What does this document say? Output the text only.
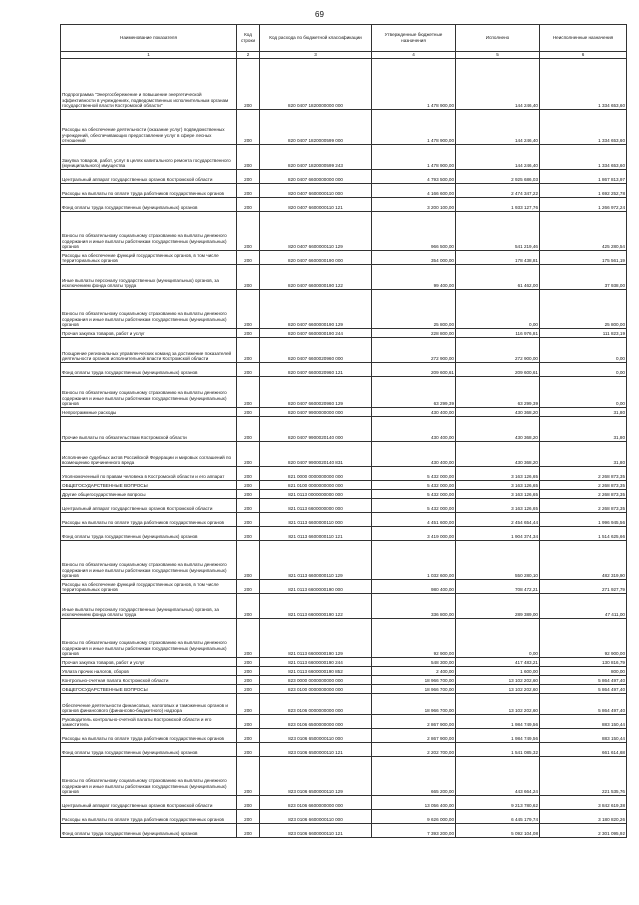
69
Наименование показателя	Код строки	Код расхода по бюджетной классификации	Утвержденные бюджетные назначения	Исполнено	Неисполненные назначения
1	2	3	4	5	6
Подпрограмма "Энергосбережение и повышение энергетической эффективности в учреждениях, подведомственных исполнительным органам государственной власти Костромской области"	200	820 0407 1820000000 000	1 478 900,00	144 246,40	1 334 653,60
Расходы на обеспечение деятельности (оказание услуг) подведомственных учреждений, обеспечивающих предоставление услуг в сфере лесных отношений	200	820 0407 1820000599 000	1 478 900,00	144 246,40	1 334 653,60
Закупка товаров, работ, услуг в целях капитального ремонта государственного (муниципального) имущества	200	820 0407 1820000599 243	1 478 900,00	144 246,40	1 334 653,60
Центральный аппарат государственных органов Костромской области	200	820 0407 6600000000 000	4 793 500,00	2 925 686,03	1 867 813,97
Расходы на выплаты по оплате труда работников государственных органов	200	820 0407 6600000110 000	4 166 600,00	2 474 347,22	1 692 252,78
Фонд оплаты труда государственных (муниципальных) органов	200	820 0407 6600000110 121	3 200 100,00	1 933 127,76	1 266 972,24
Взносы по обязательному социальному страхованию на выплаты денежного содержания и иные выплаты работникам государственных (муниципальных) органов	200	820 0407 6600000110 129	966 500,00	541 219,46	425 280,54
Расходы на обеспечение функций государственных органов, в том числе территориальных органов	200	820 0407 6600000190 000	354 000,00	178 438,81	175 561,19
Иные выплаты персоналу государственных (муниципальных) органов, за исключением фонда оплаты труда	200	820 0407 6600000190 122	99 400,00	61 462,00	37 938,00
Взносы по обязательному социальному страхованию на выплаты денежного содержания и иные выплаты работникам государственных (муниципальных) органов	200	820 0407 6600000190 129	25 800,00	0,00	25 800,00
Прочая закупка товаров, работ и услуг	200	820 0407 6600000190 244	228 800,00	116 976,81	111 823,19
Поощрение региональных управленческих команд за достижение показателей деятельности органов исполнительной власти Костромской области	200	820 0407 6600020960 000	272 900,00	272 900,00	0,00
Фонд оплаты труда государственных (муниципальных) органов	200	820 0407 6600020960 121	209 600,61	209 600,61	0,00
Взносы по обязательному социальному страхованию на выплаты денежного содержания и иные выплаты работникам государственных (муниципальных) органов	200	820 0407 6600020960 129	63 299,39	63 299,39	0,00
Непрограммные расходы	200	820 0407 9900000000 000	430 400,00	430 368,20	31,80
Прочие выплаты по обязательствам Костромской области	200	820 0407 9900020140 000	430 400,00	430 368,20	31,80
Исполнение судебных актов Российской Федерации и мировых соглашений по возмещению причиненного вреда	200	820 0407 9900020140 831	430 400,00	430 368,20	31,80
Уполномоченный по правам человека в Костромской области и его аппарат	200	821 0000 0000000000 000	5 432 000,00	3 163 126,65	2 268 873,35
ОБЩЕГОСУДАРСТВЕННЫЕ ВОПРОСЫ	200	821 0100 0000000000 000	5 432 000,00	3 163 126,65	2 268 873,35
Другие общегосударственные вопросы	200	821 0113 0000000000 000	5 432 000,00	3 163 126,65	2 268 873,35
Центральный аппарат государственных органов Костромской области	200	821 0113 6600000000 000	5 432 000,00	3 163 126,65	2 268 873,35
Расходы на выплаты по оплате труда работников государственных органов	200	821 0113 6600000110 000	4 451 600,00	2 454 654,44	1 996 945,56
Фонд оплаты труда государственных (муниципальных) органов	200	821 0113 6600000110 121	3 419 000,00	1 904 374,34	1 514 625,66
Взносы по обязательному социальному страхованию на выплаты денежного содержания и иные выплаты работникам государственных (муниципальных) органов	200	821 0113 6600000110 129	1 032 600,00	550 280,10	482 319,90
Расходы на обеспечение функций государственных органов, в том числе территориальных органов	200	821 0113 6600000190 000	980 400,00	708 472,21	271 927,79
Иные выплаты персоналу государственных (муниципальных) органов, за исключением фонда оплаты труда	200	821 0113 6600000190 122	336 800,00	289 389,00	47 411,00
Взносы по обязательному социальному страхованию на выплаты денежного содержания и иные выплаты работникам государственных (муниципальных) органов	200	821 0113 6600000190 129	92 900,00	0,00	92 900,00
Прочая закупка товаров, работ и услуг	200	821 0113 6600000190 244	548 300,00	417 483,21	130 816,79
Уплата прочих налогов, сборов	200	821 0113 6600000190 852	2 400,00	1 600,00	800,00
Контрольно-счетная палата Костромской области	200	823 0000 0000000000 000	18 966 700,00	13 102 202,60	5 864 497,40
ОБЩЕГОСУДАРСТВЕННЫЕ ВОПРОСЫ	200	823 0100 0000000000 000	18 966 700,00	13 102 202,60	5 864 497,40
Обеспечение деятельности финансовых, налоговых и таможенных органов и органов финансового (финансово-бюджетного) надзора	200	823 0106 0000000000 000	18 966 700,00	13 102 202,60	5 864 497,40
Руководитель контрольно-счетной палаты Костромской области и его заместитель	200	823 0106 6500000000 000	2 867 900,00	1 984 749,56	883 150,44
Расходы на выплаты по оплате труда работников государственных органов	200	823 0106 6500000110 000	2 867 900,00	1 984 749,56	883 150,44
Фонд оплаты труда государственных (муниципальных) органов	200	823 0106 6500000110 121	2 202 700,00	1 541 085,32	661 614,68
Взносы по обязательному социальному страхованию на выплаты денежного содержания и иные выплаты работникам государственных (муниципальных) органов	200	823 0106 6500000110 129	665 200,00	443 664,24	221 535,76
Центральный аппарат государственных органов Костромской области	200	823 0106 6600000000 000	13 056 400,00	9 213 780,62	3 842 619,38
Расходы на выплаты по оплате труда работников государственных органов	200	823 0106 6600000110 000	9 626 000,00	6 445 179,74	3 180 820,26
Фонд оплаты труда государственных (муниципальных) органов	200	823 0106 6600000110 121	7 393 200,00	5 092 104,08	2 301 095,92
